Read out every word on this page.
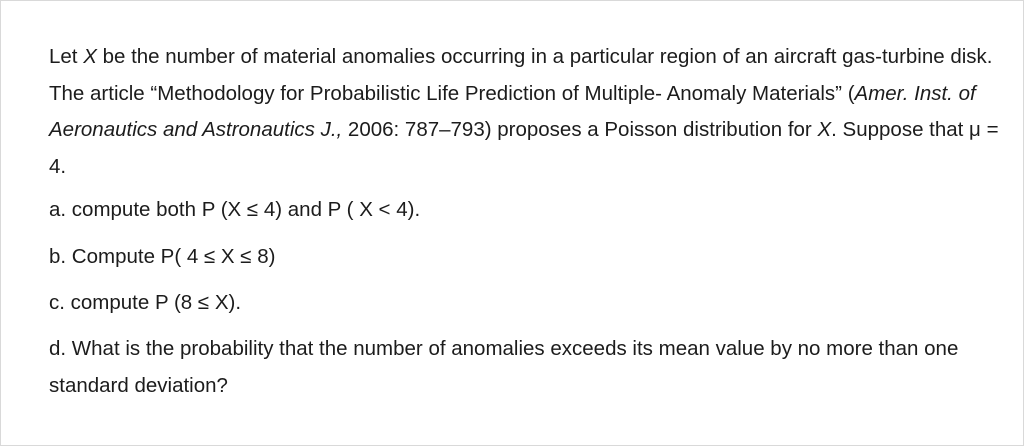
Let X be the number of material anomalies occurring in a particular region of an aircraft gas-turbine disk. The article “Methodology for Probabilistic Life Prediction of Multiple- Anomaly Materials” (Amer. Inst. of Aeronautics and Astronautics J., 2006: 787–793) proposes a Poisson distribution for X. Suppose that μ = 4.

a. compute both P (X ≤ 4) and P ( X < 4).

b. Compute P( 4 ≤ X ≤ 8)

c. compute P (8 ≤ X).

d. What is the probability that the number of anomalies exceeds its mean value by no more than one standard deviation?
